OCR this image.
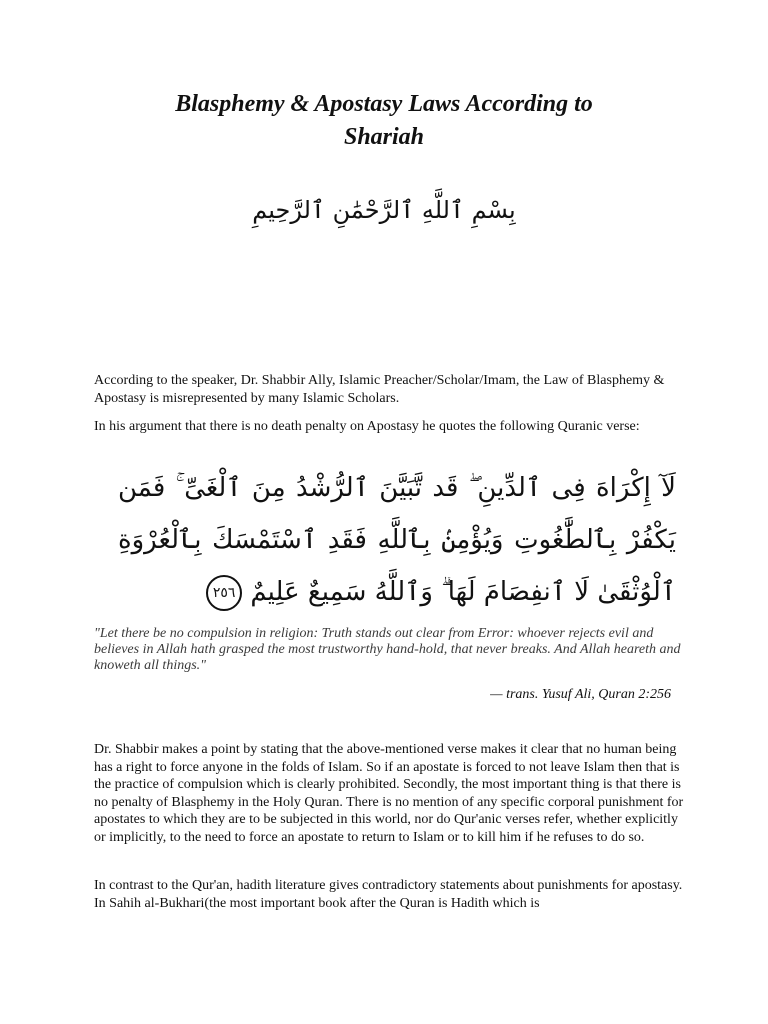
Blasphemy & Apostasy Laws According to
Shariah
بِسْمِ ٱللَّهِ ٱلرَّحْمَٰنِ ٱلرَّحِيمِ

According to the speaker, Dr. Shabbir Ally, Islamic Preacher/Scholar/Imam, the Law of Blasphemy & Apostasy is misrepresented by many Islamic Scholars.

In his argument that there is no death penalty on Apostasy he quotes the following Quranic verse:

لَآ إِكْرَاهَ فِى ٱلدِّينِ ۖ قَد تَّبَيَّنَ ٱلرُّشْدُ مِنَ ٱلْغَىِّ ۚ فَمَن يَكْفُرْ بِٱلطَّٰغُوتِ وَيُؤْمِنۢ بِٱللَّهِ فَقَدِ ٱسْتَمْسَكَ بِٱلْعُرْوَةِ ٱلْوُثْقَىٰ لَا ٱنفِصَامَ لَهَا ۗ وَٱللَّهُ سَمِيعٌ عَلِيمٌ ٢٥٦

"Let there be no compulsion in religion: Truth stands out clear from Error: whoever rejects evil and believes in Allah hath grasped the most trustworthy hand-hold, that never breaks. And Allah heareth and knoweth all things."

— trans. Yusuf Ali, Quran 2:256

Dr. Shabbir makes a point by stating that the above-mentioned verse makes it clear that no human being has a right to force anyone in the folds of Islam. So if an apostate is forced to not leave Islam then that is the practice of compulsion which is clearly prohibited. Secondly, the most important thing is that there is no penalty of Blasphemy in the Holy Quran. There is no mention of any specific corporal punishment for apostates to which they are to be subjected in this world, nor do Qur'anic verses refer, whether explicitly or implicitly, to the need to force an apostate to return to Islam or to kill him if he refuses to do so.

In contrast to the Qur'an, hadith literature gives contradictory statements about punishments for apostasy. In Sahih al-Bukhari(the most important book after the Quran is Hadith which is
